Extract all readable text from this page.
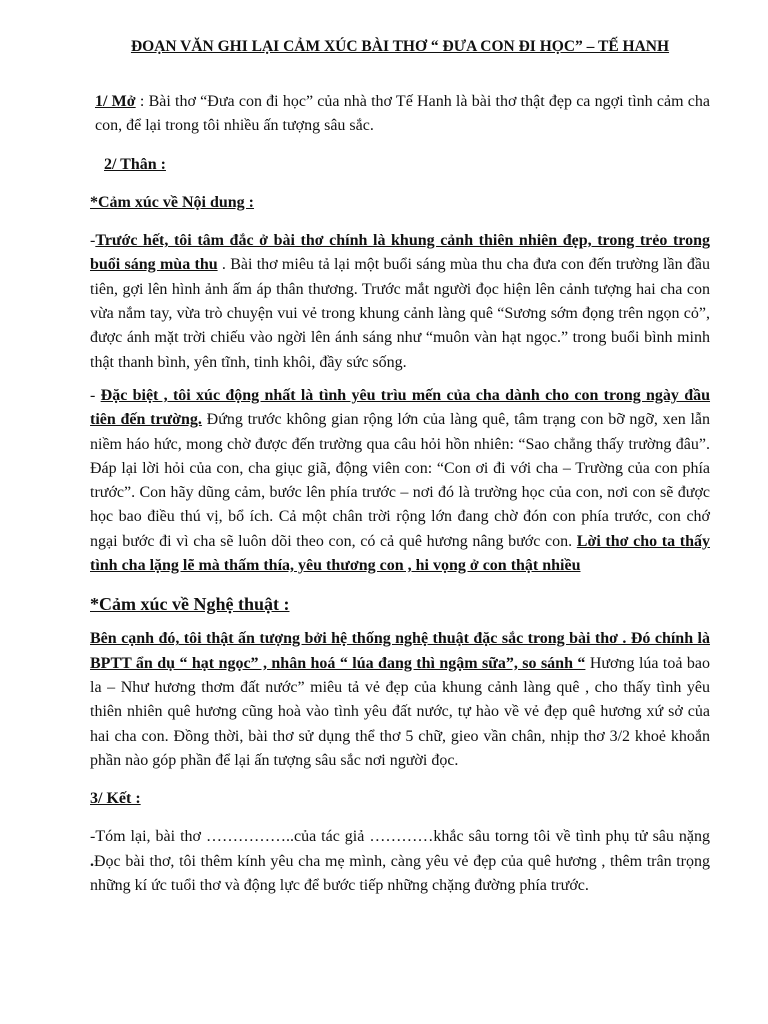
ĐOẠN VĂN GHI LẠI CẢM XÚC BÀI THƠ “ ĐƯA CON ĐI HỌC” – TẾ HANH

1/ Mở : Bài thơ “Đưa con đi học” của nhà thơ Tế Hanh là bài thơ thật đẹp ca ngợi tình cảm cha con, để lại trong tôi nhiều ấn tượng sâu sắc.

2/ Thân :

*Cảm xúc về Nội dung :

-Trước hết, tôi tâm đắc ở bài thơ chính là khung cảnh thiên nhiên đẹp, trong trẻo trong buổi sáng mùa thu . Bài thơ miêu tả lại một buổi sáng mùa thu cha đưa con đến trường lần đầu tiên, gợi lên hình ảnh ấm áp thân thương. Trước mắt người đọc hiện lên cảnh tượng hai cha con vừa nắm tay, vừa trò chuyện vui vẻ trong khung cảnh làng quê “Sương sớm đọng trên ngọn cỏ”, được ánh mặt trời chiếu vào ngời lên ánh sáng như “muôn vàn hạt ngọc.” trong buổi bình minh thật thanh bình, yên tĩnh, tinh khôi, đầy sức sống.

- Đặc biệt , tôi xúc động nhất là tình yêu trìu mến của cha dành cho con trong ngày đầu tiên đến trường. Đứng trước không gian rộng lớn của làng quê, tâm trạng con bỡ ngỡ, xen lẫn niềm háo hức, mong chờ được đến trường qua câu hỏi hồn nhiên: “Sao chẳng thấy trường đâu”. Đáp lại lời hỏi của con, cha giục giã, động viên con: “Con ơi đi với cha – Trường của con phía trước”. Con hãy dũng cảm, bước lên phía trước – nơi đó là trường học của con, nơi con sẽ được học bao điều thú vị, bổ ích. Cả một chân trời rộng lớn đang chờ đón con phía trước, con chớ ngại bước đi vì cha sẽ luôn dõi theo con, có cả quê hương nâng bước con. Lời thơ cho ta thấy tình cha lặng lẽ mà thấm thía, yêu thương con , hi vọng ở con thật nhiều

*Cảm xúc về Nghệ thuật :

Bên cạnh đó, tôi thật ấn tượng bởi hệ thống nghệ thuật đặc sắc trong bài thơ . Đó chính là BPTT ẩn dụ “ hạt ngọc” , nhân hoá “ lúa đang thì ngậm sữa”, so sánh “ Hương lúa toả bao la – Như hương thơm đất nước” miêu tả vẻ đẹp của khung cảnh làng quê , cho thấy tình yêu thiên nhiên quê hương cũng hoà vào tình yêu đất nước, tự hào về vẻ đẹp quê hương xứ sở của hai cha con. Đồng thời, bài thơ sử dụng thể thơ 5 chữ, gieo vần chân, nhịp thơ 3/2 khoẻ khoắn phần nào góp phần để lại ấn tượng sâu sắc nơi người đọc.

3/ Kết :

-Tóm lại, bài thơ ……………..của tác giả …………khắc sâu torng tôi về tình phụ tử sâu nặng .Đọc bài thơ, tôi thêm kính yêu cha mẹ mình, càng yêu vẻ đẹp của quê hương , thêm trân trọng những kí ức tuổi thơ và động lực để bước tiếp những chặng đường phía trước.
